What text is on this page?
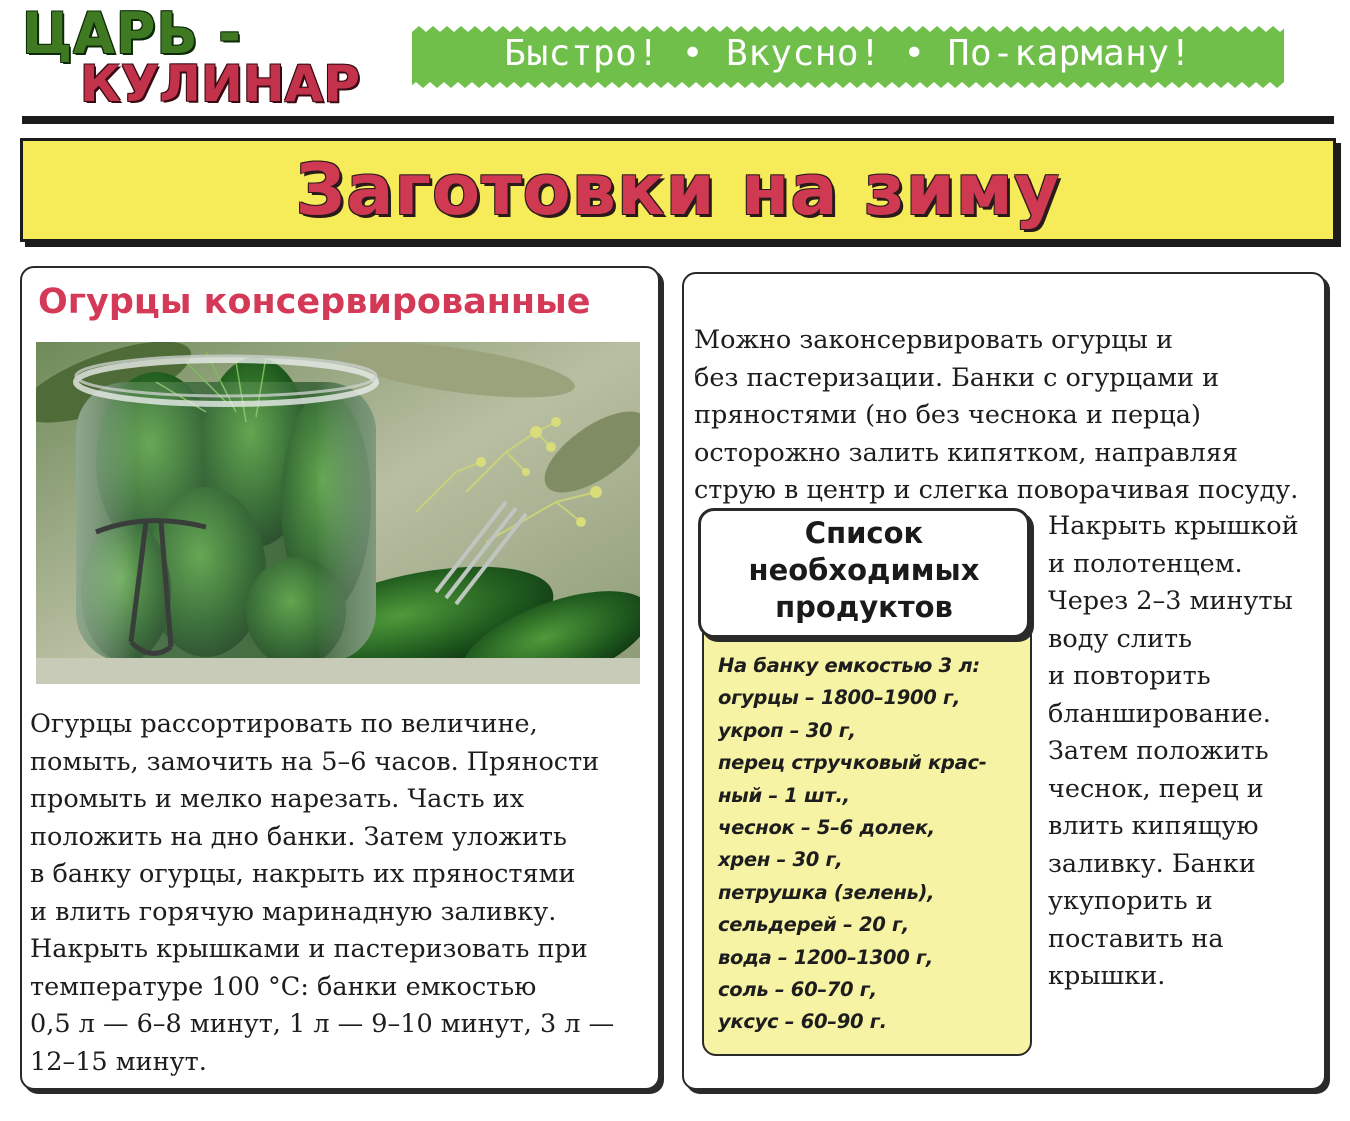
ЦАРЬ -
КУЛИНАР
Быстро! • Вкусно! • По-карману!
Заготовки на зиму
Огурцы консервированные
Огурцы рассортировать по величине,
помыть, замочить на 5–6 часов. Пряности
промыть и мелко нарезать. Часть их
положить на дно банки. Затем уложить
в банку огурцы, накрыть их пряностями
и влить горячую маринадную заливку.
Накрыть крышками и пастеризовать при
температуре 100 °С: банки емкостью
0,5 л — 6–8 минут, 1 л — 9–10 минут, 3 л —
12–15 минут.
Можно законсервировать огурцы и
без пастеризации. Банки с огурцами и
пряностями (но без чеснока и перца)
осторожно залить кипятком, направляя
струю в центр и слегка поворачивая посуду.
На банку емкостью 3 л:
огурцы – 1800–1900 г,
укроп – 30 г,
перец стручковый крас-
ный – 1 шт.,
чеснок – 5–6 долек,
хрен – 30 г,
петрушка (зелень),
сельдерей – 20 г,
вода – 1200–1300 г,
соль – 60–70 г,
уксус – 60–90 г.
Список
необходимых
продуктов
Накрыть крышкой
и полотенцем.
Через 2–3 минуты
воду слить
и повторить
бланширование.
Затем положить
чеснок, перец и
влить кипящую
заливку. Банки
укупорить и
поставить на
крышки.
